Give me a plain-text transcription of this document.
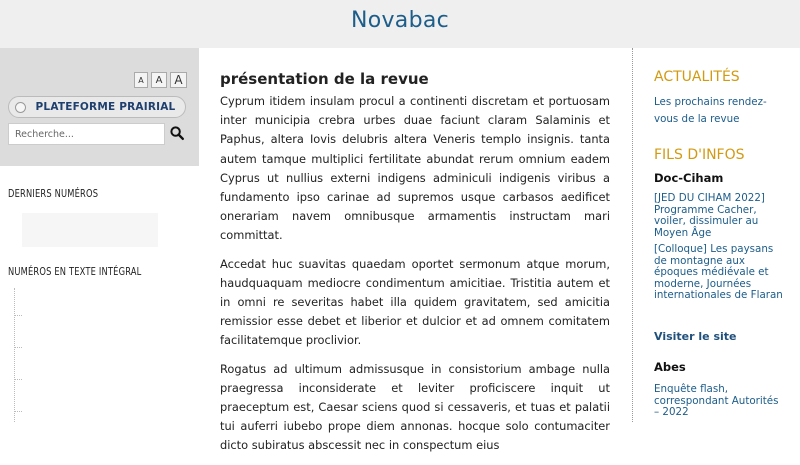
Novabac
A	A A
PLATEFORME PRAIRIAL
Recherche...
DERNIERS NUMÉROS
NUMÉROS EN TEXTE INTÉGRAL
présentation de la revue

Cyprum itidem insulam procul a continenti discretam et portuosam inter municipia crebra urbes duae faciunt claram Salaminis et Paphus, altera Iovis delubris altera Veneris templo insignis. tanta autem tamque multiplici fertilitate abundat rerum omnium eadem Cyprus ut nullius externi indigens adminiculi indigenis viribus a fundamento ipso carinae ad supremos usque carbasos aedificet onerariam navem omnibusque armamentis instructam mari committat.

Accedat huc suavitas quaedam oportet sermonum atque morum, haudquaquam mediocre condimentum amicitiae. Tristitia autem et in omni re severitas habet illa quidem gravitatem, sed amicitia remissior esse debet et liberior et dulcior et ad omnem comitatem facilitatemque proclivior.

Rogatus ad ultimum admissusque in consistorium ambage nulla praegressa inconsiderate et leviter proficiscere inquit ut praeceptum est, Caesar sciens quod si cessaveris, et tuas et palatii tui auferri iubebo prope diem annonas. hocque solo contumaciter dicto subiratus abscessit nec in conspectum eius

ACTUALITÉS
Les prochains rendez-vous de la revue
FILS D'INFOS
Doc-Ciham
[JED DU CIHAM 2022] Programme Cacher, voiler, dissimuler au Moyen Âge
[Colloque] Les paysans de montagne aux époques médiévale et moderne, Journées internationales de Flaran
Visiter le site
Abes
Enquête flash, correspondant Autorités – 2022
